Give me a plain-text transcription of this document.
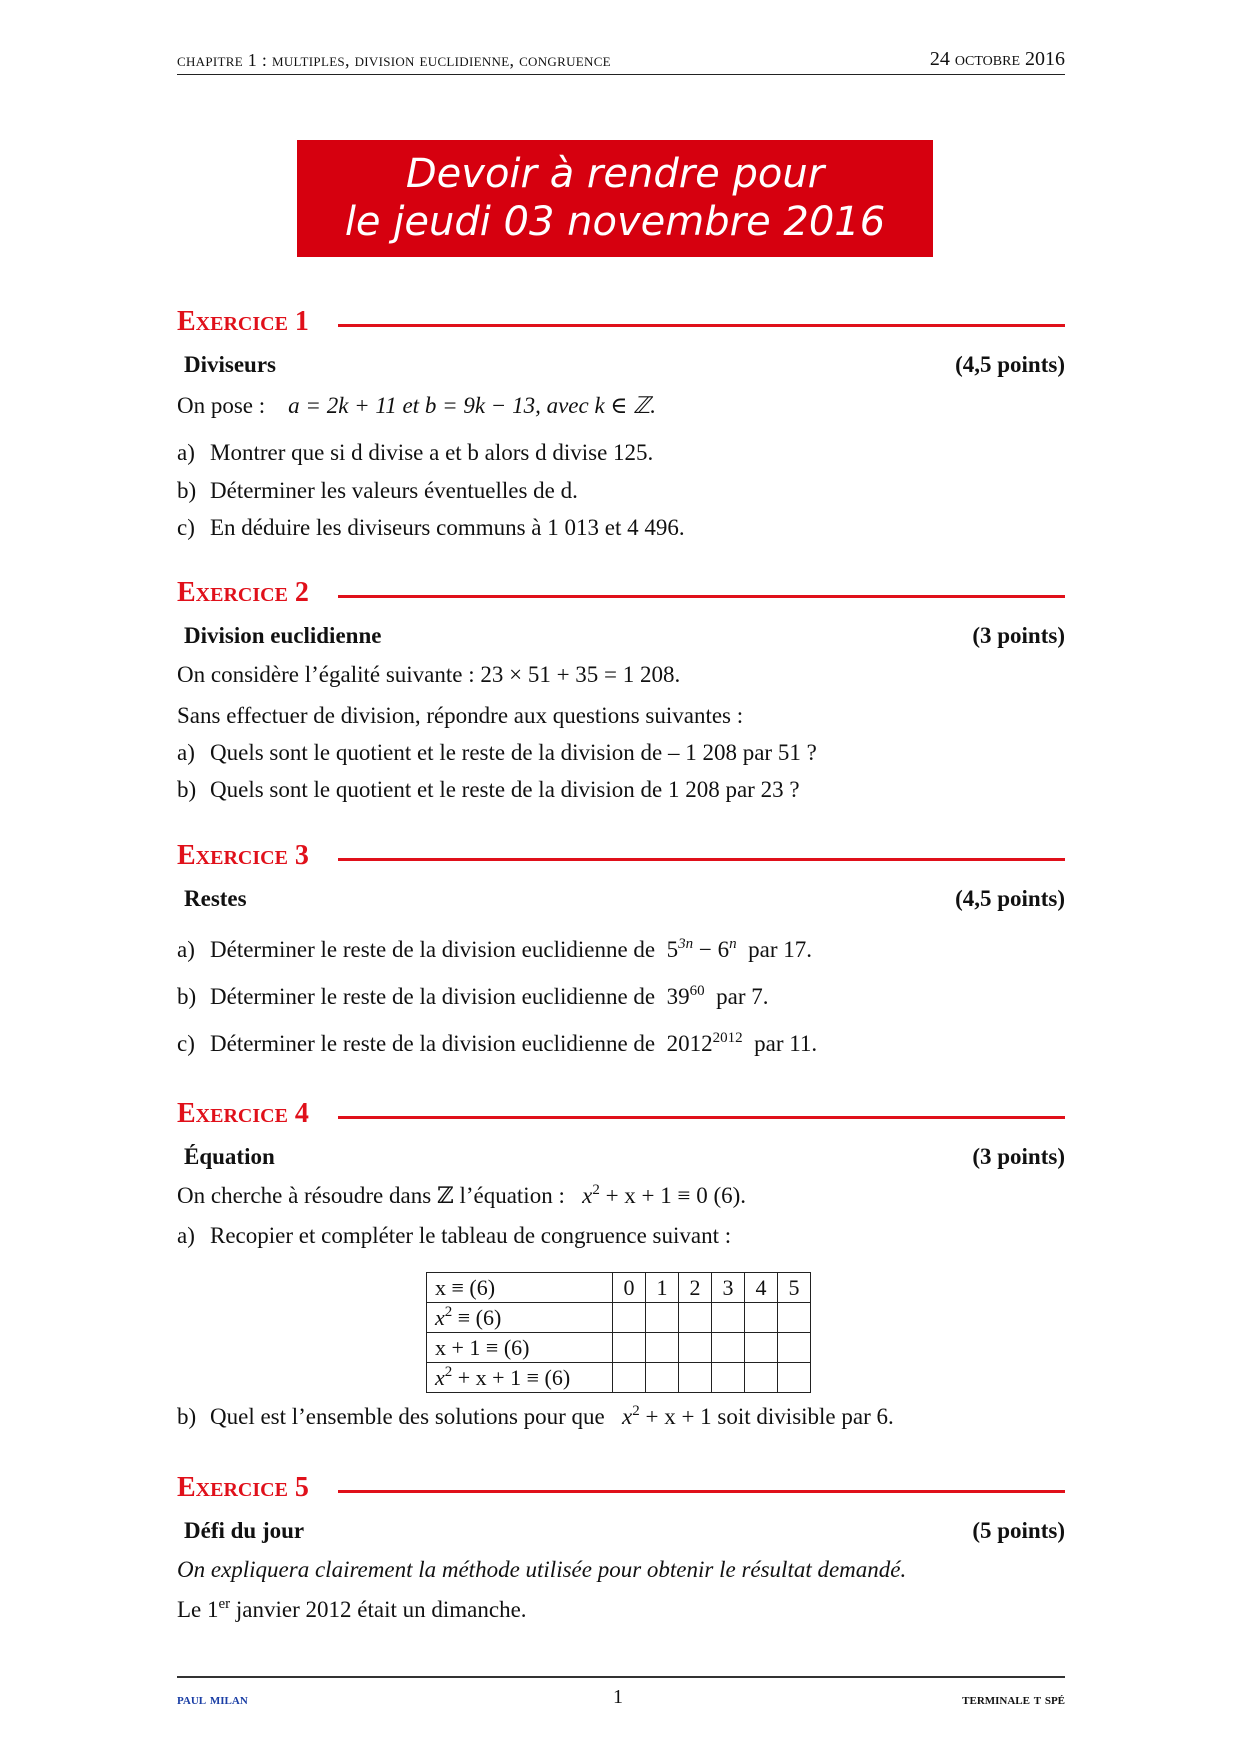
chapitre 1 : multiples, division euclidienne, congruence	24 octobre 2016
Devoir à rendre pour
le jeudi 03 novembre 2016
Exercice 1
Diviseurs	(4,5 points)
On pose : a = 2k + 11 et b = 9k − 13, avec k ∈ ℤ.
a) Montrer que si d divise a et b alors d divise 125.
b) Déterminer les valeurs éventuelles de d.
c) En déduire les diviseurs communs à 1 013 et 4 496.
Exercice 2
Division euclidienne	(3 points)
On considère l’égalité suivante : 23 × 51 + 35 = 1 208.
Sans effectuer de division, répondre aux questions suivantes :
a) Quels sont le quotient et le reste de la division de – 1 208 par 51 ?
b) Quels sont le quotient et le reste de la division de 1 208 par 23 ?
Exercice 3
Restes	(4,5 points)
a) Déterminer le reste de la division euclidienne de $5^{3n} - 6^n$ par 17.
b) Déterminer le reste de la division euclidienne de $39^{60}$ par 7.
c) Déterminer le reste de la division euclidienne de $2012^{2012}$ par 11.
Exercice 4
Équation	(3 points)
On cherche à résoudre dans ℤ l’équation : $x^2 + x + 1 \equiv 0$ (6).
a) Recopier et compléter le tableau de congruence suivant :
x ≡ (6)	0	1	2	3	4	5
$x^2 \equiv (6)$						
x + 1 ≡ (6)						
$x^2 + x + 1 \equiv (6)$						
b) Quel est l’ensemble des solutions pour que $x^2 + x + 1$ soit divisible par 6.
Exercice 5
Défi du jour	(5 points)
On expliquera clairement la méthode utilisée pour obtenir le résultat demandé.
Le 1er janvier 2012 était un dimanche.
paul milan	1	terminale t spé
